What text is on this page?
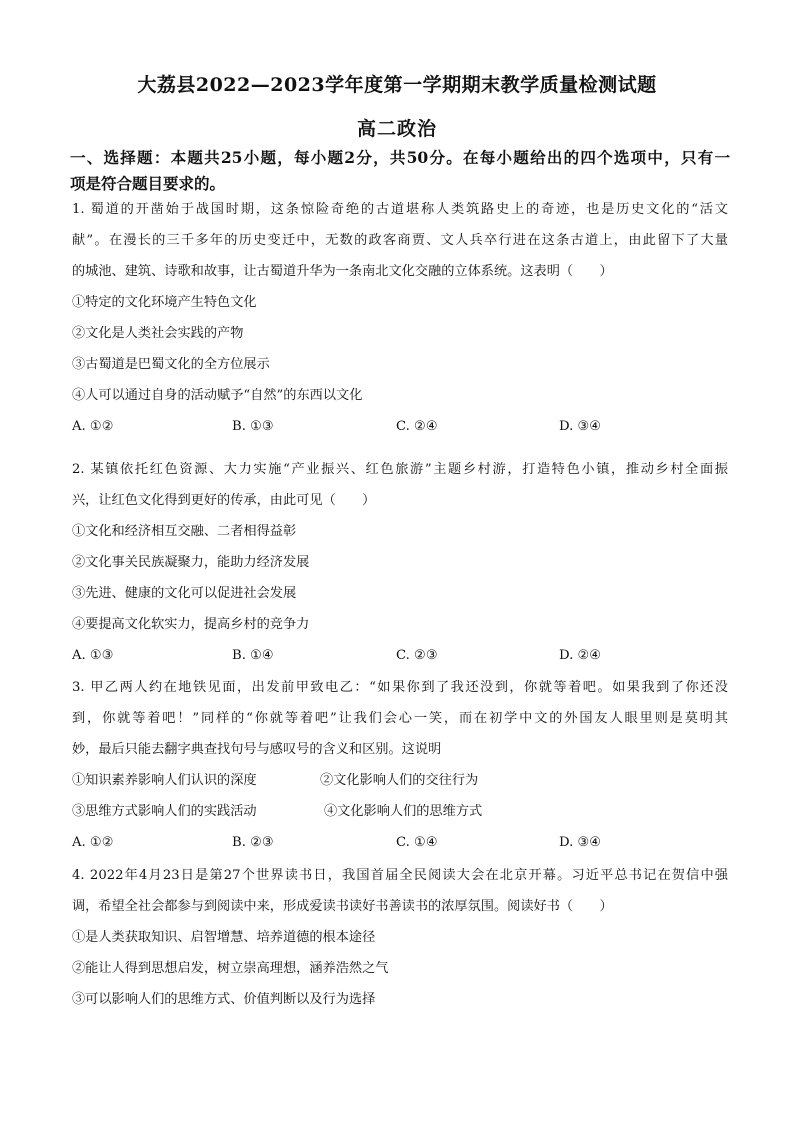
大荔县2022—2023学年度第一学期期末教学质量检测试题
高二政治
一、选择题：本题共25小题，每小题2分，共50分。在每小题给出的四个选项中，只有一
项是符合题目要求的。
1. 蜀道的开凿始于战国时期，这条惊险奇绝的古道堪称人类筑路史上的奇迹，也是历史文化的“活文
献”。在漫长的三千多年的历史变迁中，无数的政客商贾、文人兵卒行进在这条古道上，由此留下了大量
的城池、建筑、诗歌和故事，让古蜀道升华为一条南北文化交融的立体系统。这表明（　　）
①特定的文化环境产生特色文化
②文化是人类社会实践的产物
③古蜀道是巴蜀文化的全方位展示
④人可以通过自身的活动赋予“自然”的东西以文化
A. ①②	B. ①③	C. ②④	D. ③④
2. 某镇依托红色资源、大力实施“产业振兴、红色旅游”主题乡村游，打造特色小镇，推动乡村全面振
兴，让红色文化得到更好的传承，由此可见（　　）
①文化和经济相互交融、二者相得益彰
②文化事关民族凝聚力，能助力经济发展
③先进、健康的文化可以促进社会发展
④要提高文化软实力，提高乡村的竞争力
A. ①③	B. ①④	C. ②③	D. ②④
3. 甲乙两人约在地铁见面，出发前甲致电乙：“如果你到了我还没到，你就等着吧。如果我到了你还没
到，你就等着吧！”同样的“你就等着吧”让我们会心一笑，而在初学中文的外国友人眼里则是莫明其
妙，最后只能去翻字典查找句号与感叹号的含义和区别。这说明
①知识素养影响人们认识的深度	②文化影响人们的交往行为
③思维方式影响人们的实践活动	④文化影响人们的思维方式
A. ①②	B. ②③	C. ①④	D. ③④
4. 2022年4月23日是第27个世界读书日，我国首届全民阅读大会在北京开幕。习近平总书记在贺信中强
调，希望全社会都参与到阅读中来，形成爱读书读好书善读书的浓厚氛围。阅读好书（　　）
①是人类获取知识、启智增慧、培养道德的根本途径
②能让人得到思想启发，树立崇高理想，涵养浩然之气
③可以影响人们的思维方式、价值判断以及行为选择
